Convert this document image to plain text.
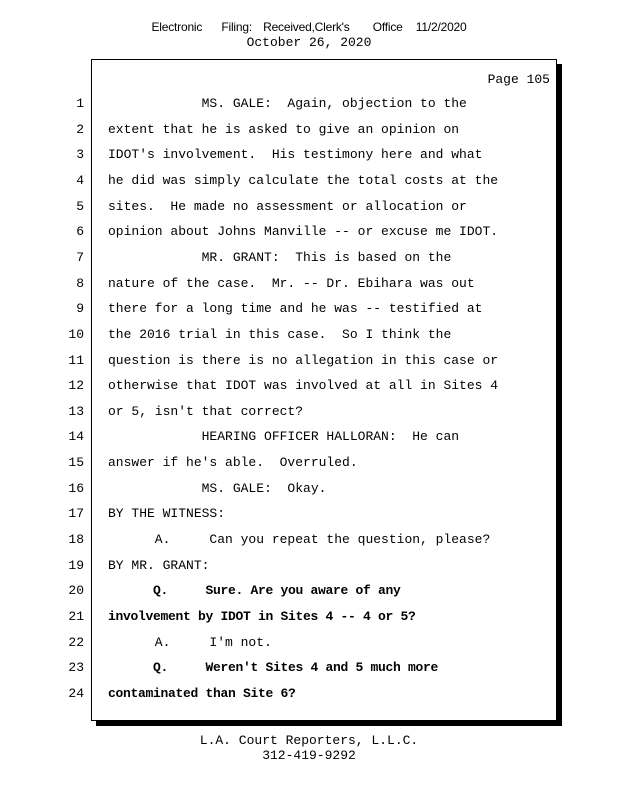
Electronic Filing: Received,Clerk's Office 11/2/2020
October 26, 2020
Page 105
1 MS. GALE:  Again, objection to the
2 extent that he is asked to give an opinion on
3 IDOT's involvement.  His testimony here and what
4 he did was simply calculate the total costs at the
5 sites.  He made no assessment or allocation or
6 opinion about Johns Manville -- or excuse me IDOT.
7 MR. GRANT:  This is based on the
8 nature of the case.  Mr. -- Dr. Ebihara was out
9 there for a long time and he was -- testified at
10 the 2016 trial in this case.  So I think the
11 question is there is no allegation in this case or
12 otherwise that IDOT was involved at all in Sites 4
13 or 5, isn't that correct?
14 HEARING OFFICER HALLORAN:  He can
15 answer if he's able.  Overruled.
16 MS. GALE:  Okay.
17 BY THE WITNESS:
18 A.     Can you repeat the question, please?
19 BY MR. GRANT:
20 Q.     Sure. Are you aware of any
21 involvement by IDOT in Sites 4 -- 4 or 5?
22 A.     I'm not.
23 Q.     Weren't Sites 4 and 5 much more
24 contaminated than Site 6?
L.A. Court Reporters, L.L.C.
312-419-9292
